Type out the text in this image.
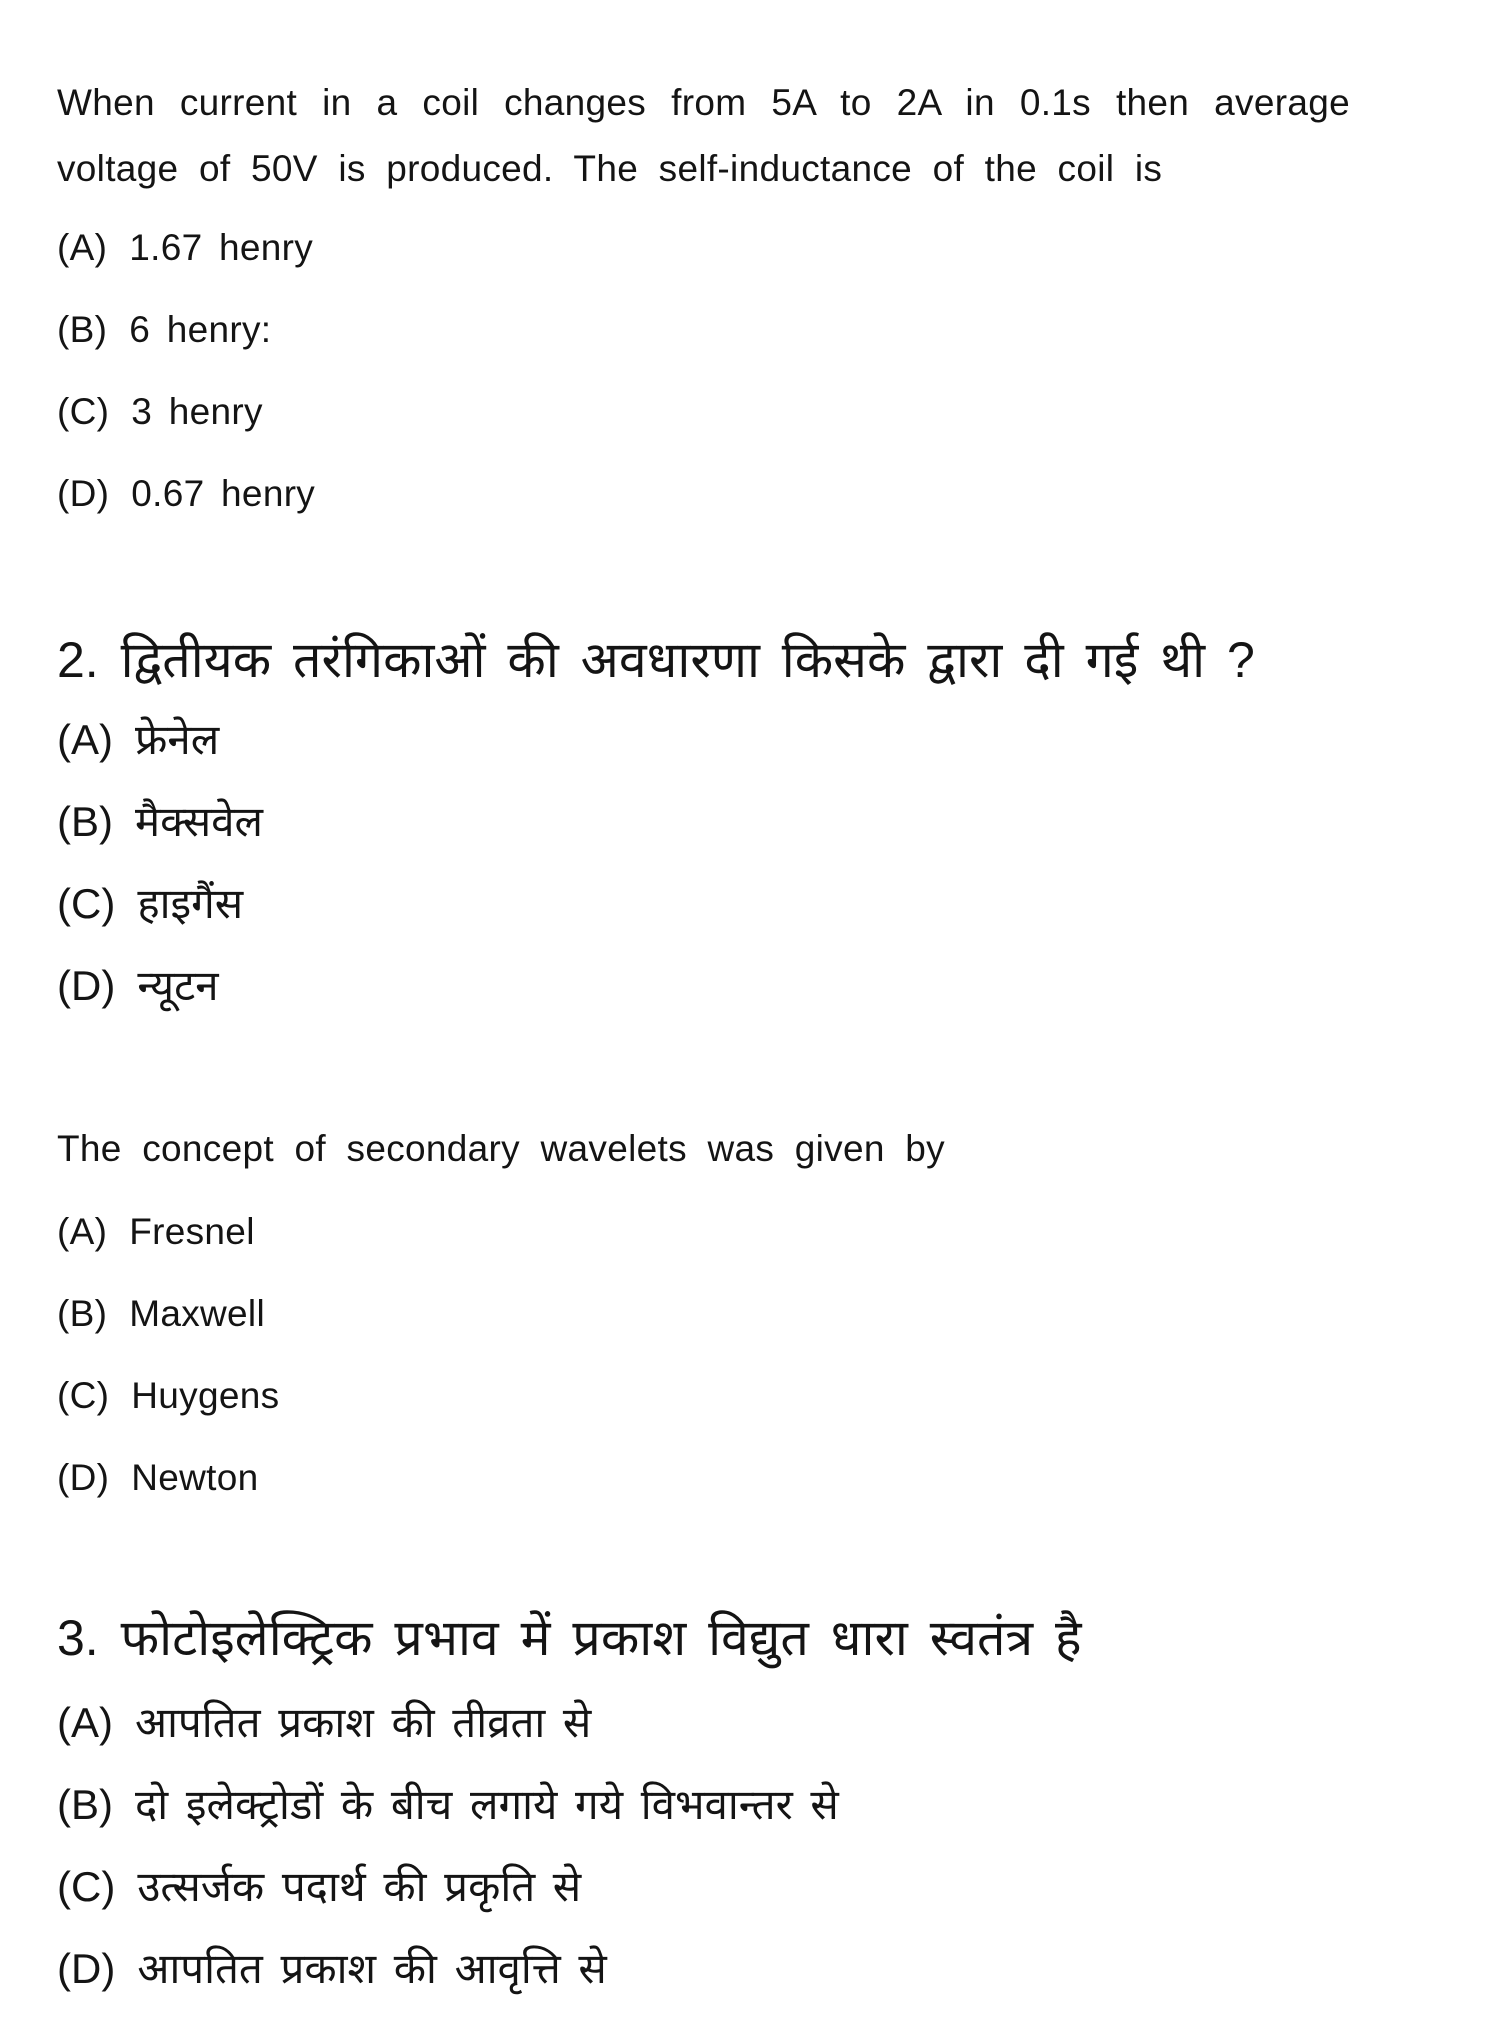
When current in a coil changes from 5A to 2A in 0.1s then average
voltage of 50V is produced. The self-inductance of the coil is
(A) 1.67 henry
(B) 6 henry:
(C) 3 henry
(D) 0.67 henry
2. द्वितीयक तरंगिकाओं की अवधारणा किसके द्वारा दी गई थी ?
(A) फ्रेनेल
(B) मैक्सवेल
(C) हाइगैंस
(D) न्यूटन
The concept of secondary wavelets was given by
(A) Fresnel
(B) Maxwell
(C) Huygens
(D) Newton
3. फोटोइलेक्ट्रिक प्रभाव में प्रकाश विद्युत धारा स्वतंत्र है
(A) आपतित प्रकाश की तीव्रता से
(B) दो इलेक्ट्रोडों के बीच लगाये गये विभवान्तर से
(C) उत्सर्जक पदार्थ की प्रकृति से
(D) आपतित प्रकाश की आवृत्ति से
